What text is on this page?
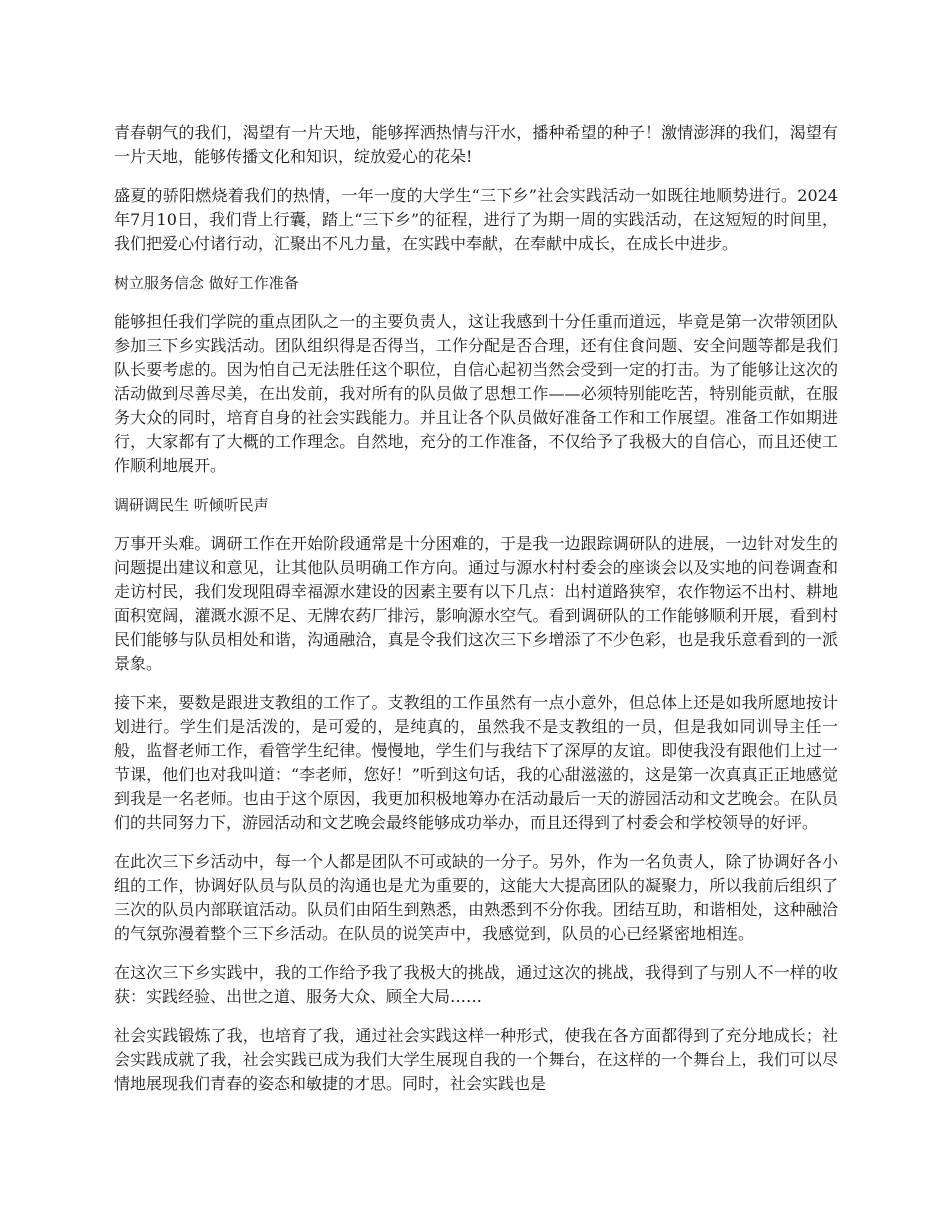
青春朝气的我们，渴望有一片天地，能够挥洒热情与汗水，播种希望的种子！激情澎湃的我们，渴望有一片天地，能够传播文化和知识，绽放爱心的花朵!

盛夏的骄阳燃烧着我们的热情，一年一度的大学生“三下乡”社会实践活动一如既往地顺势进行。2024年7月10日，我们背上行囊，踏上“三下乡”的征程，进行了为期一周的实践活动，在这短短的时间里，我们把爱心付诸行动，汇聚出不凡力量，在实践中奉献，在奉献中成长，在成长中进步。

树立服务信念 做好工作准备

能够担任我们学院的重点团队之一的主要负责人，这让我感到十分任重而道远，毕竟是第一次带领团队参加三下乡实践活动。团队组织得是否得当，工作分配是否合理，还有住食问题、安全问题等都是我们队长要考虑的。因为怕自己无法胜任这个职位，自信心起初当然会受到一定的打击。为了能够让这次的活动做到尽善尽美，在出发前，我对所有的队员做了思想工作——必须特别能吃苦，特别能贡献，在服务大众的同时，培育自身的社会实践能力。并且让各个队员做好准备工作和工作展望。准备工作如期进行，大家都有了大概的工作理念。自然地，充分的工作准备，不仅给予了我极大的自信心，而且还使工作顺利地展开。

调研调民生 听倾听民声

万事开头难。调研工作在开始阶段通常是十分困难的，于是我一边跟踪调研队的进展，一边针对发生的问题提出建议和意见，让其他队员明确工作方向。通过与源水村村委会的座谈会以及实地的问卷调查和走访村民，我们发现阻碍幸福源水建设的因素主要有以下几点：出村道路狭窄，农作物运不出村、耕地面积宽阔，灌溉水源不足、无牌农药厂排污，影响源水空气。看到调研队的工作能够顺利开展，看到村民们能够与队员相处和谐，沟通融洽，真是令我们这次三下乡增添了不少色彩，也是我乐意看到的一派景象。

接下来，要数是跟进支教组的工作了。支教组的工作虽然有一点小意外，但总体上还是如我所愿地按计划进行。学生们是活泼的，是可爱的，是纯真的，虽然我不是支教组的一员，但是我如同训导主任一般，监督老师工作，看管学生纪律。慢慢地，学生们与我结下了深厚的友谊。即使我没有跟他们上过一节课，他们也对我叫道：“李老师，您好！”听到这句话，我的心甜滋滋的，这是第一次真真正正地感觉到我是一名老师。也由于这个原因，我更加积极地筹办在活动最后一天的游园活动和文艺晚会。在队员们的共同努力下，游园活动和文艺晚会最终能够成功举办，而且还得到了村委会和学校领导的好评。

在此次三下乡活动中，每一个人都是团队不可或缺的一分子。另外，作为一名负责人，除了协调好各小组的工作，协调好队员与队员的沟通也是尤为重要的，这能大大提高团队的凝聚力，所以我前后组织了三次的队员内部联谊活动。队员们由陌生到熟悉，由熟悉到不分你我。团结互助，和谐相处，这种融洽的气氛弥漫着整个三下乡活动。在队员的说笑声中，我感觉到，队员的心已经紧密地相连。

在这次三下乡实践中，我的工作给予我了我极大的挑战，通过这次的挑战，我得到了与别人不一样的收获：实践经验、出世之道、服务大众、顾全大局……

社会实践锻炼了我，也培育了我，通过社会实践这样一种形式，使我在各方面都得到了充分地成长；社会实践成就了我，社会实践已成为我们大学生展现自我的一个舞台，在这样的一个舞台上，我们可以尽情地展现我们青春的姿态和敏捷的才思。同时，社会实践也是
